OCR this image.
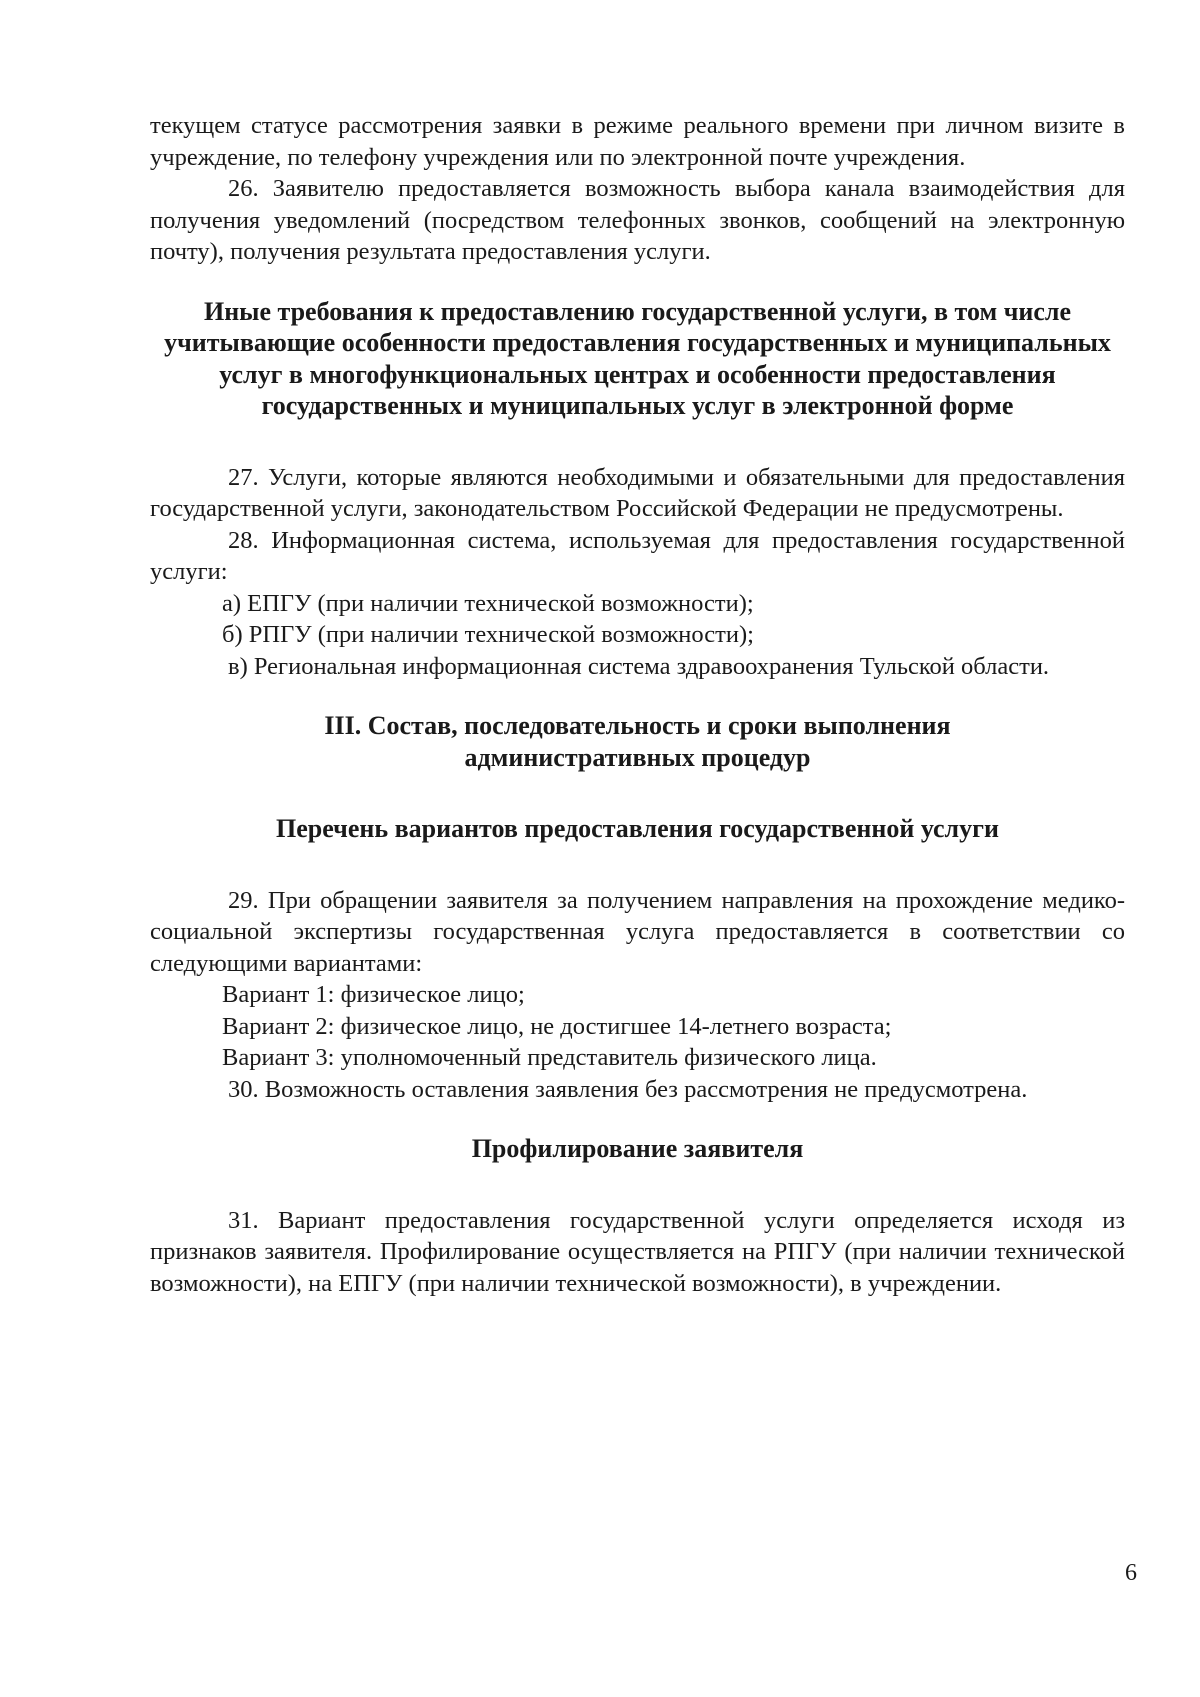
текущем статусе рассмотрения заявки в режиме реального времени при личном визите в учреждение, по телефону учреждения или по электронной почте учреждения.

26. Заявителю предоставляется возможность выбора канала взаимодействия для получения уведомлений (посредством телефонных звонков, сообщений на электронную почту), получения результата предоставления услуги.

Иные требования к предоставлению государственной услуги, в том числе учитывающие особенности предоставления государственных и муниципальных услуг в многофункциональных центрах и особенности предоставления государственных и муниципальных услуг в электронной форме

27. Услуги, которые являются необходимыми и обязательными для предоставления государственной услуги, законодательством Российской Федерации не предусмотрены.

28. Информационная система, используемая для предоставления государственной услуги:

а) ЕПГУ (при наличии технической возможности);

б) РПГУ (при наличии технической возможности);

в) Региональная информационная система здравоохранения Тульской области.

III. Состав, последовательность и сроки выполнения
административных процедур
Перечень вариантов предоставления государственной услуги

29. При обращении заявителя за получением направления на прохождение медико-социальной экспертизы государственная услуга предоставляется в соответствии со следующими вариантами:

Вариант 1: физическое лицо;

Вариант 2: физическое лицо, не достигшее 14-летнего возраста;

Вариант 3: уполномоченный представитель физического лица.

30. Возможность оставления заявления без рассмотрения не предусмотрена.

Профилирование заявителя

31. Вариант предоставления государственной услуги определяется исходя из признаков заявителя. Профилирование осуществляется на РПГУ (при наличии технической возможности), на ЕПГУ (при наличии технической возможности), в учреждении.

6
